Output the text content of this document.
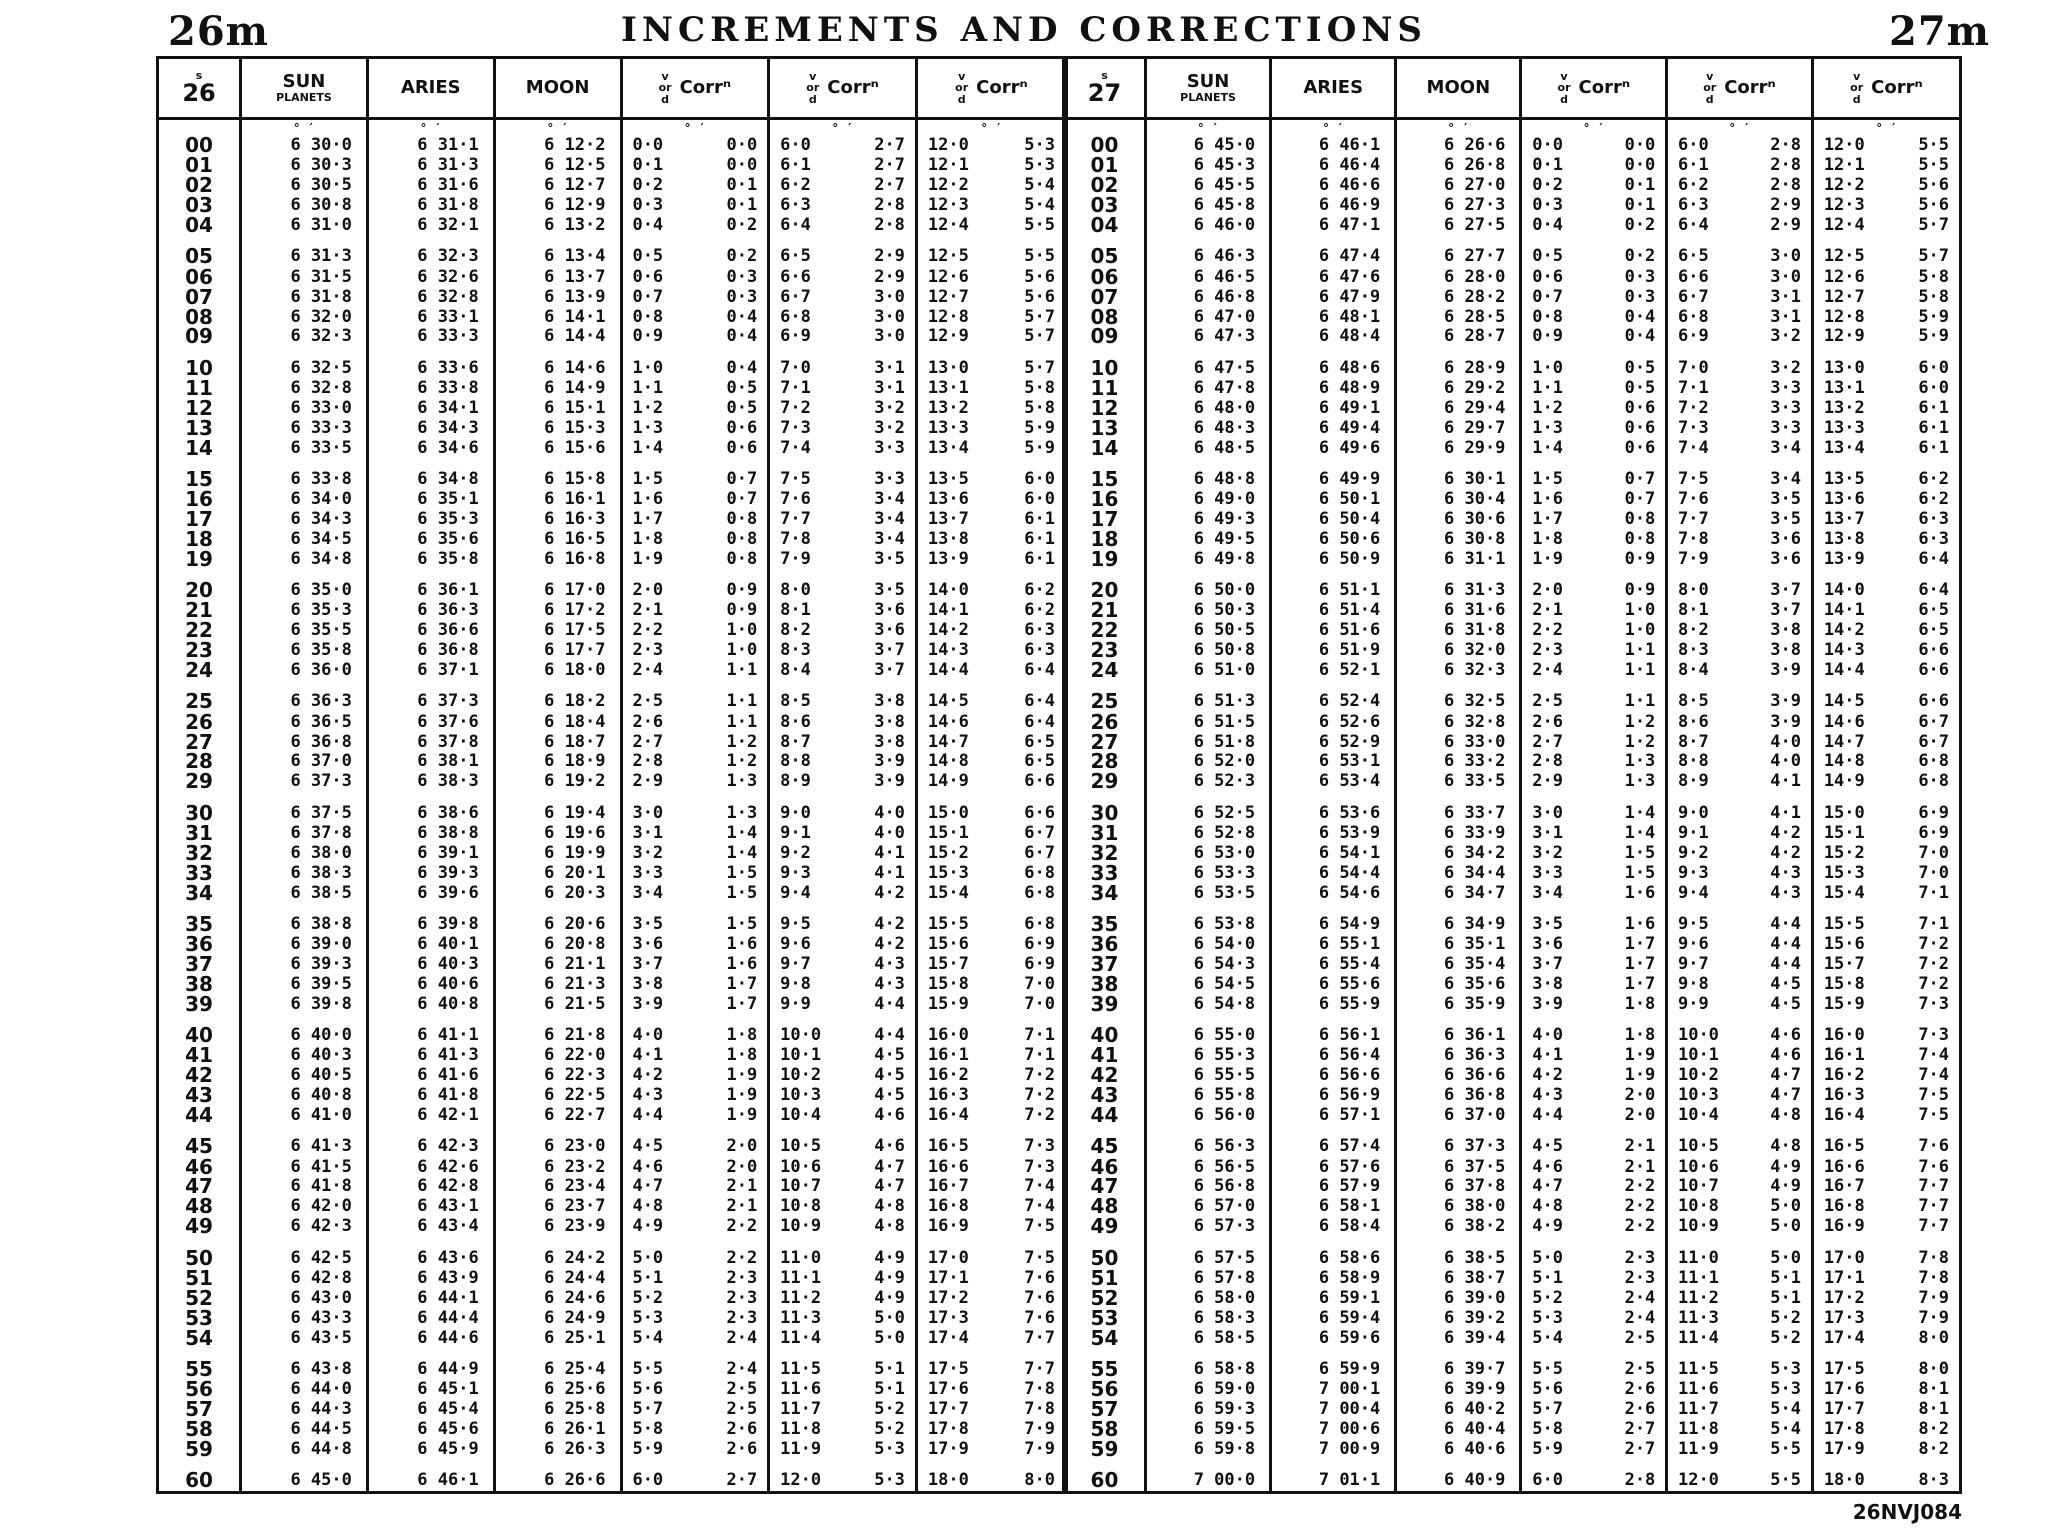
26m	INCREMENTS AND CORRECTIONS	27m
s
26	SUN
PLANETS	ARIES	MOON	v
or
d
Corrⁿ	v
or
d
Corrⁿ	v
or
d
Corrⁿ
	° ′	° ′	° ′	° ′	° ′	° ′
00	6 30·0	6 31·1	6 12·2	0·0 0·0	6·0 2·7	12·0 5·3
01	6 30·3	6 31·3	6 12·5	0·1 0·0	6·1 2·7	12·1 5·3
02	6 30·5	6 31·6	6 12·7	0·2 0·1	6·2 2·7	12·2 5·4
03	6 30·8	6 31·8	6 12·9	0·3 0·1	6·3 2·8	12·3 5·4
04	6 31·0	6 32·1	6 13·2	0·4 0·2	6·4 2·8	12·4 5·5
05	6 31·3	6 32·3	6 13·4	0·5 0·2	6·5 2·9	12·5 5·5
06	6 31·5	6 32·6	6 13·7	0·6 0·3	6·6 2·9	12·6 5·6
07	6 31·8	6 32·8	6 13·9	0·7 0·3	6·7 3·0	12·7 5·6
08	6 32·0	6 33·1	6 14·1	0·8 0·4	6·8 3·0	12·8 5·7
09	6 32·3	6 33·3	6 14·4	0·9 0·4	6·9 3·0	12·9 5·7
10	6 32·5	6 33·6	6 14·6	1·0 0·4	7·0 3·1	13·0 5·7
11	6 32·8	6 33·8	6 14·9	1·1 0·5	7·1 3·1	13·1 5·8
12	6 33·0	6 34·1	6 15·1	1·2 0·5	7·2 3·2	13·2 5·8
13	6 33·3	6 34·3	6 15·3	1·3 0·6	7·3 3·2	13·3 5·9
14	6 33·5	6 34·6	6 15·6	1·4 0·6	7·4 3·3	13·4 5·9
15	6 33·8	6 34·8	6 15·8	1·5 0·7	7·5 3·3	13·5 6·0
16	6 34·0	6 35·1	6 16·1	1·6 0·7	7·6 3·4	13·6 6·0
17	6 34·3	6 35·3	6 16·3	1·7 0·8	7·7 3·4	13·7 6·1
18	6 34·5	6 35·6	6 16·5	1·8 0·8	7·8 3·4	13·8 6·1
19	6 34·8	6 35·8	6 16·8	1·9 0·8	7·9 3·5	13·9 6·1
20	6 35·0	6 36·1	6 17·0	2·0 0·9	8·0 3·5	14·0 6·2
21	6 35·3	6 36·3	6 17·2	2·1 0·9	8·1 3·6	14·1 6·2
22	6 35·5	6 36·6	6 17·5	2·2 1·0	8·2 3·6	14·2 6·3
23	6 35·8	6 36·8	6 17·7	2·3 1·0	8·3 3·7	14·3 6·3
24	6 36·0	6 37·1	6 18·0	2·4 1·1	8·4 3·7	14·4 6·4
25	6 36·3	6 37·3	6 18·2	2·5 1·1	8·5 3·8	14·5 6·4
26	6 36·5	6 37·6	6 18·4	2·6 1·1	8·6 3·8	14·6 6·4
27	6 36·8	6 37·8	6 18·7	2·7 1·2	8·7 3·8	14·7 6·5
28	6 37·0	6 38·1	6 18·9	2·8 1·2	8·8 3·9	14·8 6·5
29	6 37·3	6 38·3	6 19·2	2·9 1·3	8·9 3·9	14·9 6·6
30	6 37·5	6 38·6	6 19·4	3·0 1·3	9·0 4·0	15·0 6·6
31	6 37·8	6 38·8	6 19·6	3·1 1·4	9·1 4·0	15·1 6·7
32	6 38·0	6 39·1	6 19·9	3·2 1·4	9·2 4·1	15·2 6·7
33	6 38·3	6 39·3	6 20·1	3·3 1·5	9·3 4·1	15·3 6·8
34	6 38·5	6 39·6	6 20·3	3·4 1·5	9·4 4·2	15·4 6·8
35	6 38·8	6 39·8	6 20·6	3·5 1·5	9·5 4·2	15·5 6·8
36	6 39·0	6 40·1	6 20·8	3·6 1·6	9·6 4·2	15·6 6·9
37	6 39·3	6 40·3	6 21·1	3·7 1·6	9·7 4·3	15·7 6·9
38	6 39·5	6 40·6	6 21·3	3·8 1·7	9·8 4·3	15·8 7·0
39	6 39·8	6 40·8	6 21·5	3·9 1·7	9·9 4·4	15·9 7·0
40	6 40·0	6 41·1	6 21·8	4·0 1·8	10·0 4·4	16·0 7·1
41	6 40·3	6 41·3	6 22·0	4·1 1·8	10·1 4·5	16·1 7·1
42	6 40·5	6 41·6	6 22·3	4·2 1·9	10·2 4·5	16·2 7·2
43	6 40·8	6 41·8	6 22·5	4·3 1·9	10·3 4·5	16·3 7·2
44	6 41·0	6 42·1	6 22·7	4·4 1·9	10·4 4·6	16·4 7·2
45	6 41·3	6 42·3	6 23·0	4·5 2·0	10·5 4·6	16·5 7·3
46	6 41·5	6 42·6	6 23·2	4·6 2·0	10·6 4·7	16·6 7·3
47	6 41·8	6 42·8	6 23·4	4·7 2·1	10·7 4·7	16·7 7·4
48	6 42·0	6 43·1	6 23·7	4·8 2·1	10·8 4·8	16·8 7·4
49	6 42·3	6 43·4	6 23·9	4·9 2·2	10·9 4·8	16·9 7·5
50	6 42·5	6 43·6	6 24·2	5·0 2·2	11·0 4·9	17·0 7·5
51	6 42·8	6 43·9	6 24·4	5·1 2·3	11·1 4·9	17·1 7·6
52	6 43·0	6 44·1	6 24·6	5·2 2·3	11·2 4·9	17·2 7·6
53	6 43·3	6 44·4	6 24·9	5·3 2·3	11·3 5·0	17·3 7·6
54	6 43·5	6 44·6	6 25·1	5·4 2·4	11·4 5·0	17·4 7·7
55	6 43·8	6 44·9	6 25·4	5·5 2·4	11·5 5·1	17·5 7·7
56	6 44·0	6 45·1	6 25·6	5·6 2·5	11·6 5·1	17·6 7·8
57	6 44·3	6 45·4	6 25·8	5·7 2·5	11·7 5·2	17·7 7·8
58	6 44·5	6 45·6	6 26·1	5·8 2·6	11·8 5·2	17·8 7·9
59	6 44·8	6 45·9	6 26·3	5·9 2·6	11·9 5·3	17·9 7·9
60	6 45·0	6 46·1	6 26·6	6·0 2·7	12·0 5·3	18·0 8·0
s
27	SUN
PLANETS	ARIES	MOON	v
or
d
Corrⁿ	v
or
d
Corrⁿ	v
or
d
Corrⁿ
	° ′	° ′	° ′	° ′	° ′	° ′
00	6 45·0	6 46·1	6 26·6	0·0 0·0	6·0 2·8	12·0 5·5
01	6 45·3	6 46·4	6 26·8	0·1 0·0	6·1 2·8	12·1 5·5
02	6 45·5	6 46·6	6 27·0	0·2 0·1	6·2 2·8	12·2 5·6
03	6 45·8	6 46·9	6 27·3	0·3 0·1	6·3 2·9	12·3 5·6
04	6 46·0	6 47·1	6 27·5	0·4 0·2	6·4 2·9	12·4 5·7
05	6 46·3	6 47·4	6 27·7	0·5 0·2	6·5 3·0	12·5 5·7
06	6 46·5	6 47·6	6 28·0	0·6 0·3	6·6 3·0	12·6 5·8
07	6 46·8	6 47·9	6 28·2	0·7 0·3	6·7 3·1	12·7 5·8
08	6 47·0	6 48·1	6 28·5	0·8 0·4	6·8 3·1	12·8 5·9
09	6 47·3	6 48·4	6 28·7	0·9 0·4	6·9 3·2	12·9 5·9
10	6 47·5	6 48·6	6 28·9	1·0 0·5	7·0 3·2	13·0 6·0
11	6 47·8	6 48·9	6 29·2	1·1 0·5	7·1 3·3	13·1 6·0
12	6 48·0	6 49·1	6 29·4	1·2 0·6	7·2 3·3	13·2 6·1
13	6 48·3	6 49·4	6 29·7	1·3 0·6	7·3 3·3	13·3 6·1
14	6 48·5	6 49·6	6 29·9	1·4 0·6	7·4 3·4	13·4 6·1
15	6 48·8	6 49·9	6 30·1	1·5 0·7	7·5 3·4	13·5 6·2
16	6 49·0	6 50·1	6 30·4	1·6 0·7	7·6 3·5	13·6 6·2
17	6 49·3	6 50·4	6 30·6	1·7 0·8	7·7 3·5	13·7 6·3
18	6 49·5	6 50·6	6 30·8	1·8 0·8	7·8 3·6	13·8 6·3
19	6 49·8	6 50·9	6 31·1	1·9 0·9	7·9 3·6	13·9 6·4
20	6 50·0	6 51·1	6 31·3	2·0 0·9	8·0 3·7	14·0 6·4
21	6 50·3	6 51·4	6 31·6	2·1 1·0	8·1 3·7	14·1 6·5
22	6 50·5	6 51·6	6 31·8	2·2 1·0	8·2 3·8	14·2 6·5
23	6 50·8	6 51·9	6 32·0	2·3 1·1	8·3 3·8	14·3 6·6
24	6 51·0	6 52·1	6 32·3	2·4 1·1	8·4 3·9	14·4 6·6
25	6 51·3	6 52·4	6 32·5	2·5 1·1	8·5 3·9	14·5 6·6
26	6 51·5	6 52·6	6 32·8	2·6 1·2	8·6 3·9	14·6 6·7
27	6 51·8	6 52·9	6 33·0	2·7 1·2	8·7 4·0	14·7 6·7
28	6 52·0	6 53·1	6 33·2	2·8 1·3	8·8 4·0	14·8 6·8
29	6 52·3	6 53·4	6 33·5	2·9 1·3	8·9 4·1	14·9 6·8
30	6 52·5	6 53·6	6 33·7	3·0 1·4	9·0 4·1	15·0 6·9
31	6 52·8	6 53·9	6 33·9	3·1 1·4	9·1 4·2	15·1 6·9
32	6 53·0	6 54·1	6 34·2	3·2 1·5	9·2 4·2	15·2 7·0
33	6 53·3	6 54·4	6 34·4	3·3 1·5	9·3 4·3	15·3 7·0
34	6 53·5	6 54·6	6 34·7	3·4 1·6	9·4 4·3	15·4 7·1
35	6 53·8	6 54·9	6 34·9	3·5 1·6	9·5 4·4	15·5 7·1
36	6 54·0	6 55·1	6 35·1	3·6 1·7	9·6 4·4	15·6 7·2
37	6 54·3	6 55·4	6 35·4	3·7 1·7	9·7 4·4	15·7 7·2
38	6 54·5	6 55·6	6 35·6	3·8 1·7	9·8 4·5	15·8 7·2
39	6 54·8	6 55·9	6 35·9	3·9 1·8	9·9 4·5	15·9 7·3
40	6 55·0	6 56·1	6 36·1	4·0 1·8	10·0 4·6	16·0 7·3
41	6 55·3	6 56·4	6 36·3	4·1 1·9	10·1 4·6	16·1 7·4
42	6 55·5	6 56·6	6 36·6	4·2 1·9	10·2 4·7	16·2 7·4
43	6 55·8	6 56·9	6 36·8	4·3 2·0	10·3 4·7	16·3 7·5
44	6 56·0	6 57·1	6 37·0	4·4 2·0	10·4 4·8	16·4 7·5
45	6 56·3	6 57·4	6 37·3	4·5 2·1	10·5 4·8	16·5 7·6
46	6 56·5	6 57·6	6 37·5	4·6 2·1	10·6 4·9	16·6 7·6
47	6 56·8	6 57·9	6 37·8	4·7 2·2	10·7 4·9	16·7 7·7
48	6 57·0	6 58·1	6 38·0	4·8 2·2	10·8 5·0	16·8 7·7
49	6 57·3	6 58·4	6 38·2	4·9 2·2	10·9 5·0	16·9 7·7
50	6 57·5	6 58·6	6 38·5	5·0 2·3	11·0 5·0	17·0 7·8
51	6 57·8	6 58·9	6 38·7	5·1 2·3	11·1 5·1	17·1 7·8
52	6 58·0	6 59·1	6 39·0	5·2 2·4	11·2 5·1	17·2 7·9
53	6 58·3	6 59·4	6 39·2	5·3 2·4	11·3 5·2	17·3 7·9
54	6 58·5	6 59·6	6 39·4	5·4 2·5	11·4 5·2	17·4 8·0
55	6 58·8	6 59·9	6 39·7	5·5 2·5	11·5 5·3	17·5 8·0
56	6 59·0	7 00·1	6 39·9	5·6 2·6	11·6 5·3	17·6 8·1
57	6 59·3	7 00·4	6 40·2	5·7 2·6	11·7 5·4	17·7 8·1
58	6 59·5	7 00·6	6 40·4	5·8 2·7	11·8 5·4	17·8 8·2
59	6 59·8	7 00·9	6 40·6	5·9 2·7	11·9 5·5	17·9 8·2
60	7 00·0	7 01·1	6 40·9	6·0 2·8	12·0 5·5	18·0 8·3
26NVJ084
